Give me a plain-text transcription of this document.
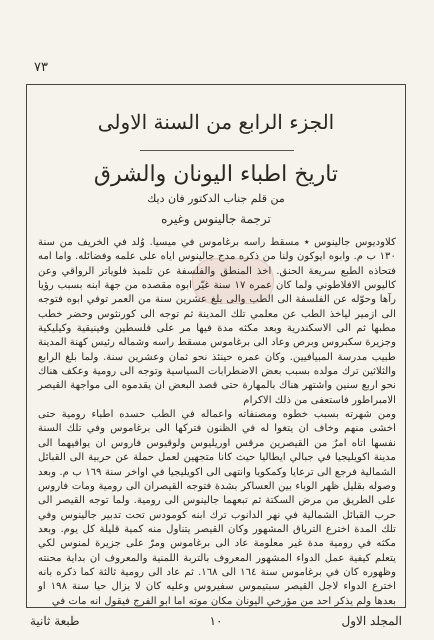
٧٣
الجزء الرابع من السنة الاولى
تاريخ اطباء اليونان والشرق
من قلم جناب الدكتور فان ديك
ترجمة جالينوس وغيره

كلاوديوس جالينوس ٭ مسقط راسه برغاموس في ميسيا. وُلد في الخريف من سنة ١٣٠ ب م. وابوه ايوكون ولنا من ذكره مدح جالينوس اياه على علمه وفضائله. واما امه فتحاذه الطبع سريعة الحنق. اخذ المنطق والفلسفة عن تلميذ فلوياتر الرواقي وعن كاليوس الافلاطوني ولما كان عمره ١٧ سنة غيّر ابوه مقصده من جهة ابنه بسبب رؤيا رآها وحوّله عن الفلسفة الى الطب والى بلغ عشرين سنة من العمر توفي ابوه فتوجه الى ازمير لياخذ الطب عن معلمي تلك المدينة ثم توجه الى كورنثوس وحضر خطب مطبها ثم الى الاسكندرية وبعد مكثه مدة فيها مر على فلسطين وفينيقية وكيليكية وجزيرة سكبروس وبرص وعاد الى برغاموس مسقط راسه وشماله رئيس كهنة المدينة طبيب مدرسة المبيافيين. وكان عمره حينئذ نحو ثمان وعشرين سنة. ولما بلغ الرابع والثلاثين ترك مولده بسبب بعض الاضطرابات السياسية وتوجه الى رومية وعكف هناك نحو اربع سنين واشتهر هناك بالمهارة حتى قصد البعض ان يقدموه الى مواجهة القيصر الامبراطور فاستعفى من ذلك الاكرام

ومن شهرته بسبب خطوه ومصنفاته واعماله في الطب حسده اطباء رومية حتى اخشى منهم وخاف ان يتغوا له في الظنون فتركها الى برغاموس وفي تلك السنة نفسها اتاه امرٌ من القيصرين مرقس اوريليوس ولوقيوس فاروس ان يوافيهما الى مدينة اكويليجيا في جبالي ايطاليا حيث كانا متجهين لعمل حملة عن حربية الى القبائل الشمالية فرجع الى ترعايا وكمكويا وانتهى الى اكويليجيا في اواخر سنة ١٦٩ ب م. وبعد وصوله بقليل ظهر الوباء بين العساكر بشدة فتوجه القيصران الى رومية ومات فاروس على الطريق من مرض السكتة ثم تبعهما جالينوس الى رومية. ولما توجه القيصر الى حرب القبائل الشمالية في نهر الدانوب ترك ابنه كومودس تحت تدبير جالينوس وفي تلك المدة اخترع الترياق المشهور وكان القيصر يتناول منه كمية قليلة كل يوم. وبعد مكثه في رومية مدة غير معلومة عاد الى برغاموس ومرّ على جزيرة لمنوس لكي يتعلم كيفية عمل الدواء المشهور المعروف بالتربة اللمنية والمعروف ان بداية محنته وظهوره كان في برغاموس سنة ١٦٤ الى ١٦٨. ثم عاد الى رومية ثالثة كما ذكره بانه اخترع الدواء لاجل القيصر سبتيموس سفيروس وعليه كان لا يزال حيا سنة ١٩٨ او بعدها ولم يذكر احد من مؤرخي اليونان مكان موته اما ابو الفرج فيقول انه مات في

المجلد الاول
١٠
طبعة ثانية
